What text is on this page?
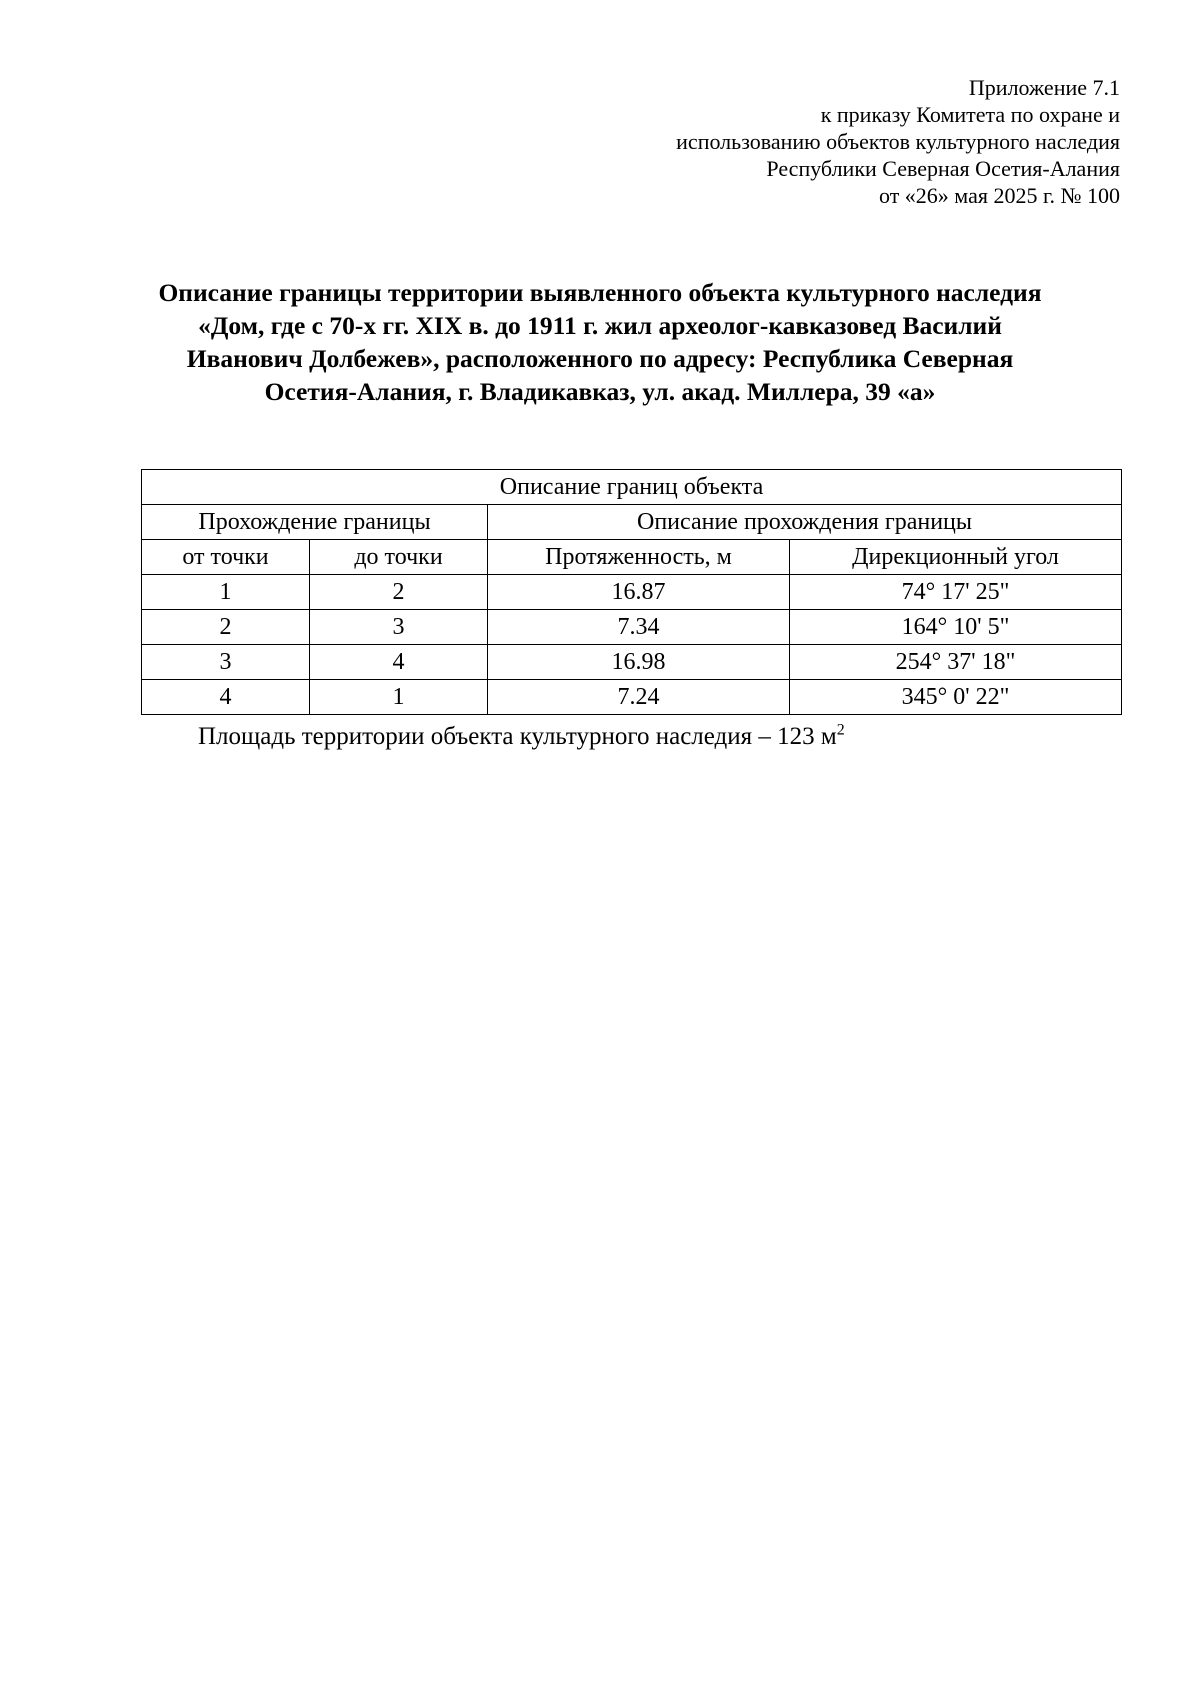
Приложение 7.1
к приказу Комитета по охране и
использованию объектов культурного наследия
Республики Северная Осетия-Алания
от «26» мая 2025 г. № 100
Описание границы территории выявленного объекта культурного наследия
«Дом, где с 70-х гг. XIX в. до 1911 г. жил археолог-кавказовед Василий
Иванович Долбежев», расположенного по адресу: Республика Северная
Осетия-Алания, г. Владикавказ, ул. акад. Миллера, 39 «а»
Описание границ объекта			
Прохождение границы		Описание прохождения границы	
от точки	до точки	Протяженность, м	Дирекционный угол
1	2	16.87	74° 17' 25"
2	3	7.34	164° 10' 5"
3	4	16.98	254° 37' 18"
4	1	7.24	345° 0' 22"
Площадь территории объекта культурного наследия – 123 $м^2$
